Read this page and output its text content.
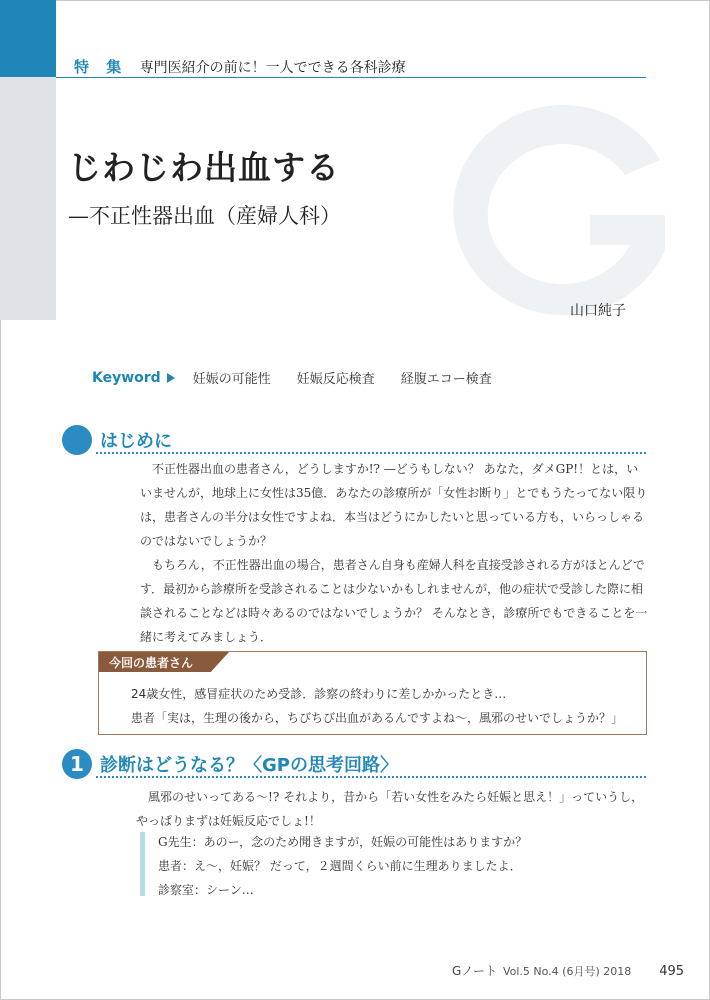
特 集 専門医紹介の前に！一人でできる各科診療
じわじわ出血する
—不正性器出血（産婦人科）
山口純子
Keyword 妊娠の可能性 妊娠反応検査 経腹エコー検査
はじめに
不正性器出血の患者さん，どうしますか!? —どうもしない？ あなた，ダメGP!！とは，い
いませんが，地球上に女性は35億．あなたの診療所が「女性お断り」とでもうたってない限り
は，患者さんの半分は女性ですよね．本当はどうにかしたいと思っている方も，いらっしゃる
のではないでしょうか？
もちろん，不正性器出血の場合，患者さん自身も産婦人科を直接受診される方がほとんどで
す．最初から診療所を受診されることは少ないかもしれませんが，他の症状で受診した際に相
談されることなどは時々あるのではないでしょうか？ そんなとき，診療所でもできることを一
緒に考えてみましょう．
今回の患者さん
24歳女性，感冒症状のため受診．診察の終わりに差しかかったとき…
患者「実は，生理の後から，ちびちび出血があるんですよね〜，風邪のせいでしょうか？」
1 診断はどうなる？〈GPの思考回路〉
風邪のせいってある〜!? それより，昔から「若い女性をみたら妊娠と思え！」っていうし，
やっぱりまずは妊娠反応でしょ!！
G先生：あのー，念のため聞きますが，妊娠の可能性はありますか？
患者：え〜，妊娠？ だって，２週間くらい前に生理ありましたよ．
診察室：シーン…
Gノート Vol.5 No.4 (6月号) 2018 495
